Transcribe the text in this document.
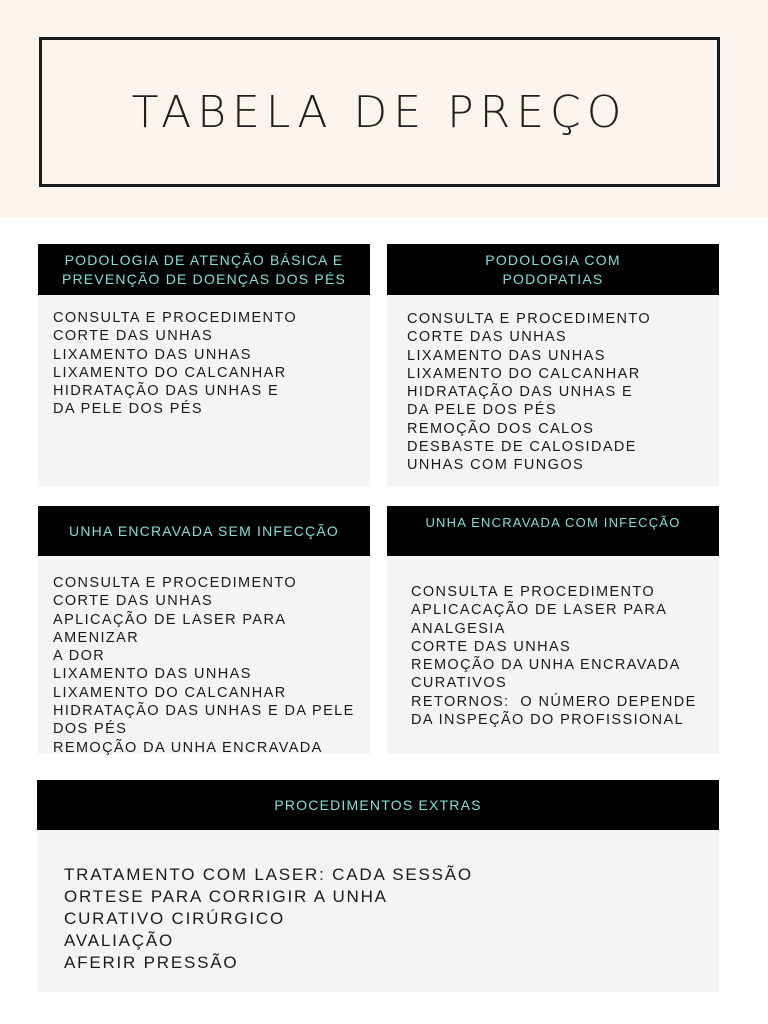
TABELA DE PREÇO
PODOLOGIA DE ATENÇÃO BÁSICA E PREVENÇÃO DE DOENÇAS DOS PÉS
CONSULTA E PROCEDIMENTO
CORTE DAS UNHAS
LIXAMENTO DAS UNHAS
LIXAMENTO DO CALCANHAR
HIDRATAÇÃO DAS UNHAS E
DA PELE DOS PÉS
PODOLOGIA COM PODOPATIAS
CONSULTA E PROCEDIMENTO
CORTE DAS UNHAS
LIXAMENTO DAS UNHAS
LIXAMENTO DO CALCANHAR
HIDRATAÇÃO DAS UNHAS E
DA PELE DOS PÉS
REMOÇÃO DOS CALOS
DESBASTE DE CALOSIDADE
UNHAS COM FUNGOS
UNHA ENCRAVADA SEM INFECÇÃO
CONSULTA E PROCEDIMENTO
CORTE DAS UNHAS
APLICAÇÃO DE LASER PARA AMENIZAR
A DOR
LIXAMENTO DAS UNHAS
LIXAMENTO DO CALCANHAR
HIDRATAÇÃO DAS UNHAS E DA PELE
DOS PÉS
REMOÇÃO DA UNHA ENCRAVADA
UNHA ENCRAVADA COM INFECÇÃO
CONSULTA E PROCEDIMENTO
APLICACAÇÃO DE LASER PARA
ANALGESIA
CORTE DAS UNHAS
REMOÇÃO DA UNHA ENCRAVADA
CURATIVOS
RETORNOS:  O NÚMERO DEPENDE
DA INSPEÇÃO DO PROFISSIONAL
PROCEDIMENTOS EXTRAS
TRATAMENTO COM LASER: CADA SESSÃO
ORTESE PARA CORRIGIR A UNHA
CURATIVO CIRÚRGICO
AVALIAÇÃO
AFERIR PRESSÃO
